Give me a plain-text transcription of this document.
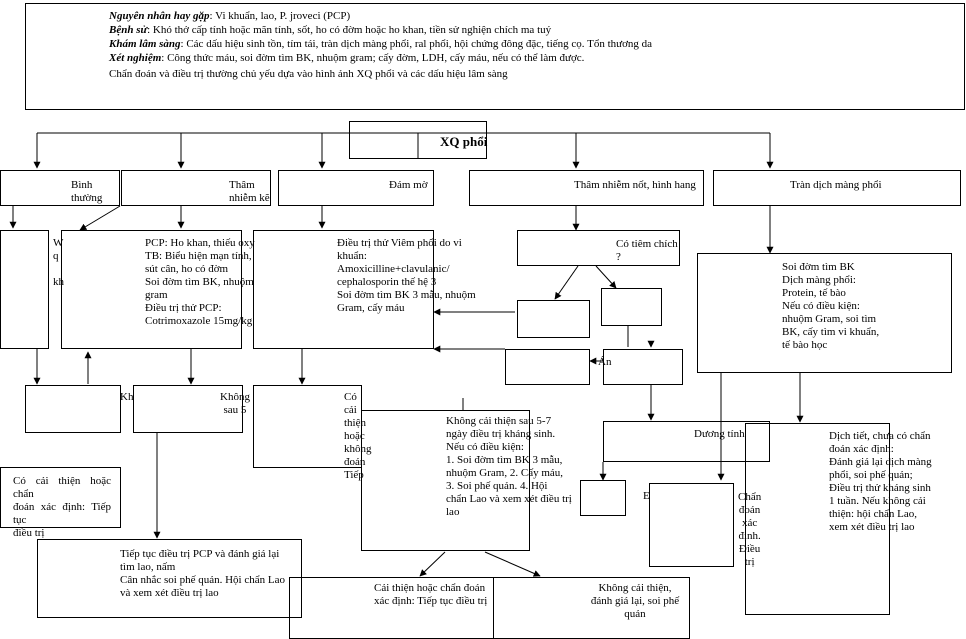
Nguyên nhân hay gặp: Vi khuẩn, lao, P. jroveci (PCP)
Bệnh sử: Khó thở cấp tính hoặc mãn tính, sốt, ho có đờm hoặc ho khan, tiền sử nghiện chích ma tuý
Khám lâm sàng: Các dấu hiệu sinh tồn, tím tái, tràn dịch màng phổi, ral phổi, hội chứng đông đặc, tiếng cọ. Tổn thương da
Xét nghiệm: Công thức máu, soi đờm tìm BK, nhuộm gram; cấy đờm, LDH, cấy máu, nếu có thể làm được.
Chẩn đoán và điều trị thường chủ yếu dựa vào hình ảnh XQ phổi và các dấu hiệu lâm sàng
XQ phổi
Bình thường
Thâm nhiễm kẽ
Đám mờ	Thâm nhiễm nốt, hình hang	Tràn dịch màng phổi
W
q

kh
PCP: Ho khan, thiếu oxy
TB: Biểu hiện mạn tính,
sút cân, ho có đờm
Soi đờm tìm BK, nhuộm gram
Điều trị thử PCP:
Cotrimoxazole 15mg/kg
Điều trị thử Viêm phổi do vi
khuẩn:
Amoxicilline+clavulanic/
cephalosporin thế hệ 3
Soi đờm tìm BK 3 mẫu, nhuộm
Gram, cấy máu
Có tiêm chích ?
Soi đờm tìm BK
Dịch màng phổi:
Protein, tế bào
Nếu có điều kiện:
nhuộm Gram, soi tìm
BK, cấy tìm vi khuẩn,
tế bào học
Án
Kh	Không
sau 5
Có cải thiện
hoặc không
đoán
Tiếp
Không cải thiện sau 5-7
ngày điều trị kháng sinh.
Nếu có điều kiện:
1. Soi đờm tìm BK 3 mẫu,
nhuộm Gram, 2. Cấy máu,
3. Soi phế quản. 4. Hội
chẩn Lao và xem xét điều trị
lao
Dương tính	Dịch tiết, chưa có chẩn
đoán xác định:
Đánh giá lại dịch màng
phổi, soi phế quản;
Điều trị thử kháng sinh
1 tuần. Nếu không cải
thiện: hội chẩn Lao,
xem xét điều trị lao
Có cải thiện hoặc chẩn
đoán xác định: Tiếp tục
điều trị
E	Chẩn đoán
xác định.
Điều trị
Tiếp tục điều trị PCP và đánh giá lại
tìm lao, nấm
Cân nhắc soi phế quản. Hội chẩn Lao
và xem xét điều trị lao	Cải thiện hoặc chẩn đoán
xác định: Tiếp tục điều trị
Không cải thiện,
đánh giá lại, soi phế
quản
